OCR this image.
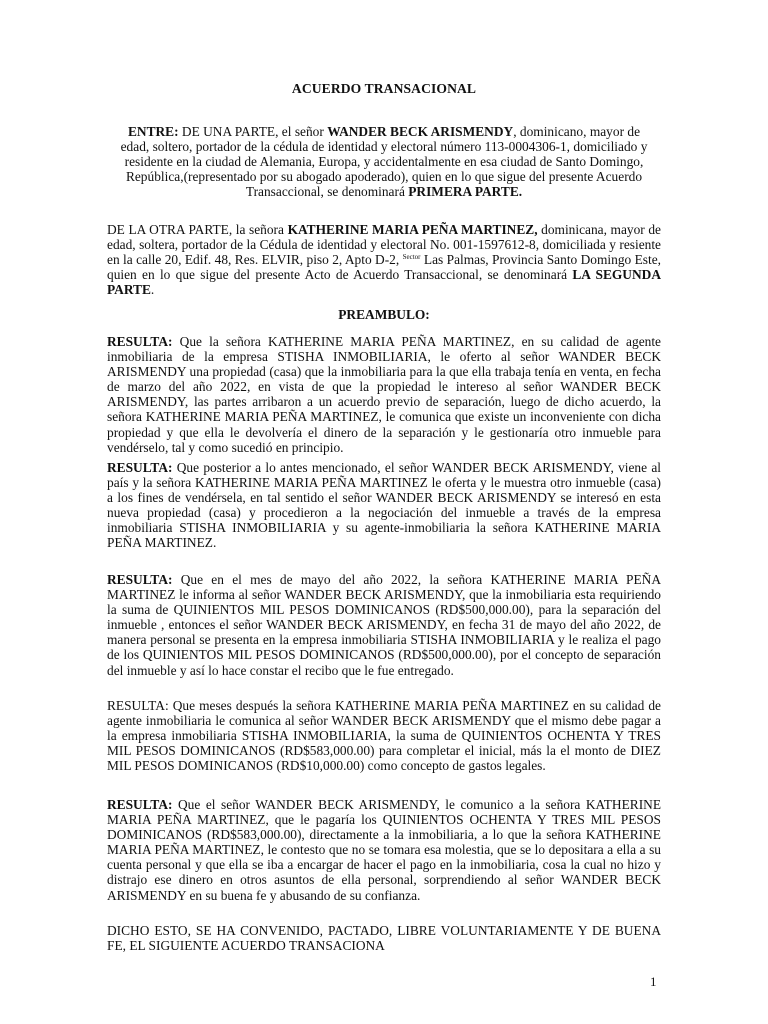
ACUERDO TRANSACIONAL
ENTRE: DE UNA PARTE, el señor WANDER BECK ARISMENDY, dominicano, mayor de edad, soltero, portador de la cédula de identidad y electoral número 113-0004306-1, domiciliado y residente en la ciudad de Alemania, Europa, y accidentalmente en esa ciudad de Santo Domingo, República,(representado por su abogado apoderado), quien en lo que sigue del presente Acuerdo Transaccional, se denominará PRIMERA PARTE.
DE LA OTRA PARTE, la señora KATHERINE MARIA PEÑA MARTINEZ, dominicana, mayor de edad, soltera, portador de la Cédula de identidad y electoral No. 001-1597612-8, domiciliada y resiente en la calle 20, Edif. 48, Res. ELVIR, piso 2, Apto D-2, $^{Sector}$ Las Palmas, Provincia Santo Domingo Este, quien en lo que sigue del presente Acto de Acuerdo Transaccional, se denominará LA SEGUNDA PARTE.
PREAMBULO:
RESULTA: Que la señora KATHERINE MARIA PEÑA MARTINEZ, en su calidad de agente inmobiliaria de la empresa STISHA INMOBILIARIA, le oferto al señor WANDER BECK ARISMENDY una propiedad (casa) que la inmobiliaria para la que ella trabaja tenía en venta, en fecha de marzo del año 2022, en vista de que la propiedad le intereso al señor WANDER BECK ARISMENDY, las partes arribaron a un acuerdo previo de separación, luego de dicho acuerdo, la señora KATHERINE MARIA PEÑA MARTINEZ, le comunica que existe un inconveniente con dicha propiedad y que ella le devolvería el dinero de la separación y le gestionaría otro inmueble para vendérselo, tal y como sucedió en principio.
RESULTA: Que posterior a lo antes mencionado, el señor WANDER BECK ARISMENDY, viene al país y la señora KATHERINE MARIA PEÑA MARTINEZ le oferta y le muestra otro inmueble (casa) a los fines de vendérsela, en tal sentido el señor WANDER BECK ARISMENDY se interesó en esta nueva propiedad (casa) y procedieron a la negociación del inmueble a través de la empresa inmobiliaria STISHA INMOBILIARIA y su agente-inmobiliaria la señora KATHERINE MARIA PEÑA MARTINEZ.
RESULTA: Que en el mes de mayo del año 2022, la señora KATHERINE MARIA PEÑA MARTINEZ le informa al señor WANDER BECK ARISMENDY, que la inmobiliaria esta requiriendo la suma de QUINIENTOS MIL PESOS DOMINICANOS (RD$500,000.00), para la separación del inmueble , entonces el señor WANDER BECK ARISMENDY, en fecha 31 de mayo del año 2022, de manera personal se presenta en la empresa inmobiliaria STISHA INMOBILIARIA y le realiza el pago de los QUINIENTOS MIL PESOS DOMINICANOS (RD$500,000.00), por el concepto de separación del inmueble y así lo hace constar el recibo que le fue entregado.
RESULTA: Que meses después la señora KATHERINE MARIA PEÑA MARTINEZ en su calidad de agente inmobiliaria le comunica al señor WANDER BECK ARISMENDY que el mismo debe pagar a la empresa inmobiliaria STISHA INMOBILIARIA, la suma de QUINIENTOS OCHENTA Y TRES MIL PESOS DOMINICANOS (RD$583,000.00) para completar el inicial, más la el monto de DIEZ MIL PESOS DOMINICANOS (RD$10,000.00) como concepto de gastos legales.
RESULTA: Que el señor WANDER BECK ARISMENDY, le comunico a la señora KATHERINE MARIA PEÑA MARTINEZ, que le pagaría los QUINIENTOS OCHENTA Y TRES MIL PESOS DOMINICANOS (RD$583,000.00), directamente a la inmobiliaria, a lo que la señora KATHERINE MARIA PEÑA MARTINEZ, le contesto que no se tomara esa molestia, que se lo depositara a ella a su cuenta personal y que ella se iba a encargar de hacer el pago en la inmobiliaria, cosa la cual no hizo y distrajo ese dinero en otros asuntos de ella personal, sorprendiendo al señor WANDER BECK ARISMENDY en su buena fe y abusando de su confianza.
DICHO ESTO, SE HA CONVENIDO, PACTADO, LIBRE VOLUNTARIAMENTE Y DE BUENA FE, EL SIGUIENTE ACUERDO TRANSACIONA
1
